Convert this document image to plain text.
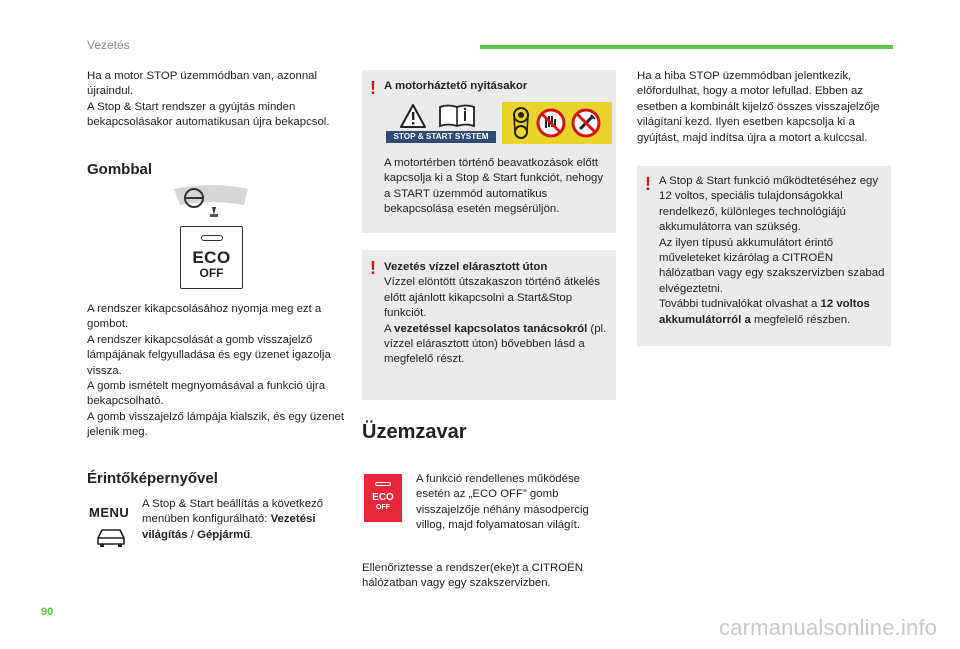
Vezetés

Ha a motor STOP üzemmódban van, azonnal újraindul.

A Stop & Start rendszer a gyújtás minden bekapcsolásakor automatikusan újra bekapcsol.

Gombbal
ECO
OFF

A rendszer kikapcsolásához nyomja meg ezt a gombot.

A rendszer kikapcsolását a gomb visszajelző lámpájának felgyulladása és egy üzenet igazolja vissza.

A gomb ismételt megnyomásával a funkció újra bekapcsolható.

A gomb visszajelző lámpája kialszik, és egy üzenet jelenik meg.

Érintőképernyővel
MENU
A Stop & Start beállítás a következő menüben konfigurálható: Vezetési világítás / Gépjármű.
! A motorháztető nyitásakor
STOP & START SYSTEM
A motortérben történő beavatkozások előtt kapcsolja ki a Stop & Start funkciót, nehogy a START üzemmód automatikus bekapcsolása esetén megsérüljön.
! Vezetés vízzel elárasztott úton

Vízzel elöntött útszakaszon történő átkelés előtt ajánlott kikapcsolni a Start&Stop funkciót.

A vezetéssel kapcsolatos tanácsokról (pl. vízzel elárasztott úton) bővebben lásd a megfelelő részt.

Üzemzavar
ECO
OFF
A funkció rendellenes működése esetén az „ECO OFF” gomb visszajelzője néhány másodpercig villog, majd folyamatosan világít.
Ellenőriztesse a rendszer(eke)t a CITROËN hálózatban vagy egy szakszervizben.
Ha a hiba STOP üzemmódban jelentkezik, előfordulhat, hogy a motor lefullad. Ebben az esetben a kombinált kijelző összes visszajelzője világítani kezd. Ilyen esetben kapcsolja ki a gyújtást, majd indítsa újra a motort a kulccsal.
! A Stop & Start funkció működtetéséhez egy 12 voltos, speciális tulajdonságokkal rendelkező, különleges technológiájú akkumulátorra van szükség.

Az ilyen típusú akkumulátort érintő műveleteket kizárólag a CITROËN hálózatban vagy egy szakszervizben szabad elvégeztetni.

További tudnivalókat olvashat a 12 voltos akkumulátorról a megfelelő részben.

90
carmanualsonline.info
